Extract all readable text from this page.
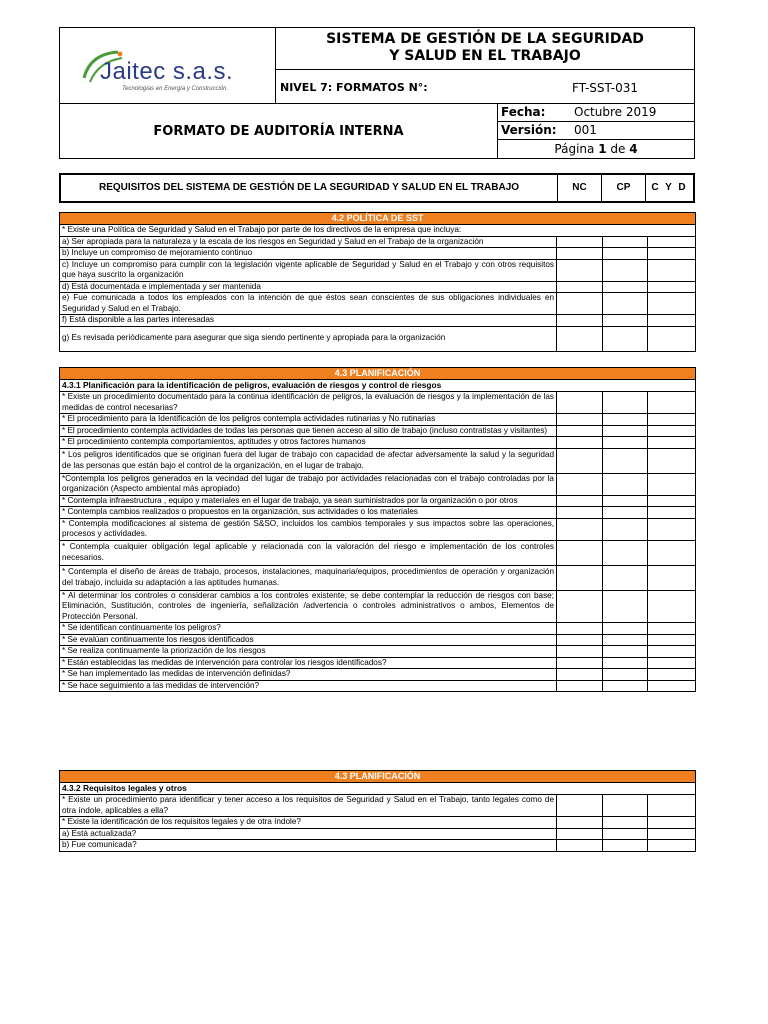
Jaitec s.a.s.
Tecnologías en Energía y Construcción.
SISTEMA DE GESTIÓN DE LA SEGURIDAD
Y SALUD EN EL TRABAJO
NIVEL 7: FORMATOS N°:	FT-SST-031
FORMATO DE AUDITORÍA INTERNA
Fecha: Octubre 2019
Versión: 001
Página 1 de 4
REQUISITOS DEL SISTEMA DE GESTIÓN DE LA SEGURIDAD Y SALUD EN EL TRABAJO	NC	CP	C Y D
4.2 POLÍTICA DE SST			
* Existe una Política de Seguridad y Salud en el Trabajo por parte de los directivos de la empresa que incluya:			
a) Ser apropiada para la naturaleza y la escala de los riesgos en Seguridad y Salud en el Trabajo de la organización			
b) Incluye un compromiso de mejoramiento continuo			
c) Incluye un compromiso para cumplir con la legislación vigente aplicable de Seguridad y Salud en el Trabajo y con otros requisitos que haya suscrito la organización			
d) Está documentada e implementada y ser mantenida			
e) Fue comunicada a todos los empleados con la intención de que éstos sean conscientes de sus obligaciones individuales en Seguridad y Salud en el Trabajo.			
f) Está disponible a las partes interesadas			
g) Es revisada periódicamente para asegurar que siga siendo pertinente y apropiada para la organización			
4.3 PLANIFICACIÓN			
4.3.1 Planificación para la identificación de peligros, evaluación de riesgos y control de riesgos			
* Existe un procedimiento documentado para la continua identificación de peligros, la evaluación de riesgos y la implementación de las medidas de control necesarias?			
* El procedimiento para la Identificación de los peligros contempla actividades rutinarias y No rutinarias			
* El procedimiento contempla actividades de todas las personas que tienen acceso al sitio de trabajo (incluso contratistas y visitantes)			
* El procedimiento contempla comportamientos, aptitudes y otros factores humanos			
* Los peligros identificados que se originan fuera del lugar de trabajo con capacidad de afectar adversamente la salud y la seguridad de las personas que están bajo el control de la organización, en el lugar de trabajo.			
*Contempla los peligros generados en la vecindad del lugar de trabajo por actividades relacionadas con el trabajo controladas por la organización (Aspecto ambiental más apropiado)			
* Contempla infraestructura , equipo y materiales en el lugar de trabajo, ya sean suministrados por la organización o por otros			
* Contempla cambios realizados o propuestos en la organización, sus actividades o los materiales			
* Contempla modificaciones al sistema de gestión S&SO, incluidos los cambios temporales y sus impactos sobre las operaciones, procesos y actividades.			
* Contempla cualquier obligación legal aplicable y relacionada con la valoración del riesgo e implementación de los controles necesarios.			
* Contempla el diseño de áreas de trabajo, procesos, instalaciones, maquinaria/equipos, procedimientos de operación y organización del trabajo, incluida su adaptación a las aptitudes humanas.			
* Al determinar los controles o considerar cambios a los controles existente, se debe contemplar la reducción de riesgos con base; Eliminación, Sustitución, controles de ingeniería, señalización /advertencia o controles administrativos o ambos, Elementos de Protección Personal.			
* Se identifican continuamente los peligros?			
* Se evalúan continuamente los riesgos identificados			
* Se realiza continuamente la priorización de los riesgos			
* Están establecidas las medidas de intervención para controlar los riesgos identificados?			
* Se han implementado las medidas de intervención definidas?			
* Se hace seguimiento a las medidas de intervención?			
4.3 PLANIFICACIÓN			
4.3.2 Requisitos legales y otros			
* Existe un procedimiento para identificar y tener acceso a los requisitos de Seguridad y Salud en el Trabajo, tanto legales como de otra índole, aplicables a ella?			
* Existe la identificación de los requisitos legales y de otra índole?			
a) Está actualizada?			
b) Fue comunicada?			
